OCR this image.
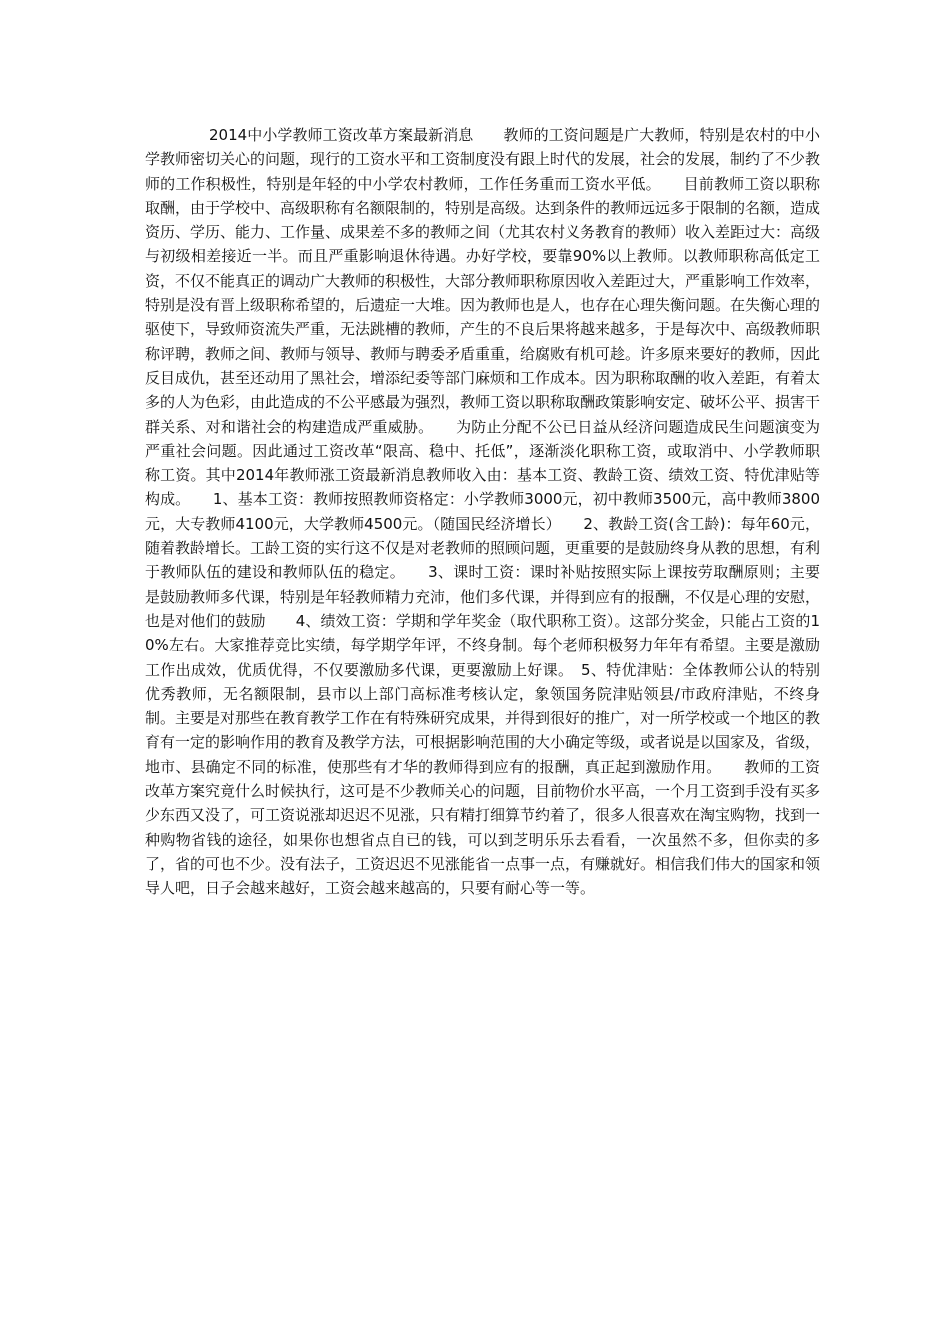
2014中小学教师工资改革方案最新消息　　教师的工资问题是广大教师，特别是农村的中小学教师密切关心的问题，现行的工资水平和工资制度没有跟上时代的发展，社会的发展，制约了不少教师的工作积极性，特别是年轻的中小学农村教师，工作任务重而工资水平低。　　目前教师工资以职称取酬，由于学校中、高级职称有名额限制的，特别是高级。达到条件的教师远远多于限制的名额，造成资历、学历、能力、工作量、成果差不多的教师之间（尤其农村义务教育的教师）收入差距过大：高级与初级相差接近一半。而且严重影响退休待遇。办好学校，要靠90%以上教师。以教师职称高低定工资，不仅不能真正的调动广大教师的积极性，大部分教师职称原因收入差距过大，严重影响工作效率，特别是没有晋上级职称希望的，后遗症一大堆。因为教师也是人，也存在心理失衡问题。在失衡心理的驱使下，导致师资流失严重，无法跳槽的教师，产生的不良后果将越来越多，于是每次中、高级教师职称评聘，教师之间、教师与领导、教师与聘委矛盾重重，给腐败有机可趁。许多原来要好的教师，因此反目成仇，甚至还动用了黑社会，增添纪委等部门麻烦和工作成本。因为职称取酬的收入差距，有着太多的人为色彩，由此造成的不公平感最为强烈，教师工资以职称取酬政策影响安定、破坏公平、损害干群关系、对和谐社会的构建造成严重威胁。　　为防止分配不公已日益从经济问题造成民生问题演变为严重社会问题。因此通过工资改革“限高、稳中、托低”，逐渐淡化职称工资，或取消中、小学教师职称工资。其中2014年教师涨工资最新消息教师收入由：基本工资、教龄工资、绩效工资、特优津贴等构成。　　1、基本工资：教师按照教师资格定：小学教师3000元，初中教师3500元，高中教师3800元，大专教师4100元，大学教师4500元。（随国民经济增长）　　2、教龄工资(含工龄)：每年60元，随着教龄增长。工龄工资的实行这不仅是对老教师的照顾问题，更重要的是鼓励终身从教的思想，有利于教师队伍的建设和教师队伍的稳定。　　3、课时工资：课时补贴按照实际上课按劳取酬原则；主要是鼓励教师多代课，特别是年轻教师精力充沛，他们多代课，并得到应有的报酬，不仅是心理的安慰，也是对他们的鼓励　　4、绩效工资：学期和学年奖金（取代职称工资）。这部分奖金，只能占工资的10%左右。大家推荐竞比实绩，每学期学年评，不终身制。每个老师积极努力年年有希望。主要是激励工作出成效，优质优得，不仅要激励多代课，更要激励上好课。　5、特优津贴：全体教师公认的特别优秀教师，无名额限制，县市以上部门高标准考核认定，象领国务院津贴领县/市政府津贴，不终身制。主要是对那些在教育教学工作在有特殊研究成果，并得到很好的推广，对一所学校或一个地区的教育有一定的影响作用的教育及教学方法，可根据影响范围的大小确定等级，或者说是以国家及，省级，地市、县确定不同的标准，使那些有才华的教师得到应有的报酬，真正起到激励作用。　　教师的工资改革方案究竟什么时候执行，这可是不少教师关心的问题，目前物价水平高，一个月工资到手没有买多少东西又没了，可工资说涨却迟迟不见涨，只有精打细算节约着了，很多人很喜欢在淘宝购物，找到一种购物省钱的途径，如果你也想省点自已的钱，可以到芝明乐乐去看看，一次虽然不多，但你卖的多了，省的可也不少。没有法子，工资迟迟不见涨能省一点事一点，有赚就好。相信我们伟大的国家和领导人吧，日子会越来越好，工资会越来越高的，只要有耐心等一等。
